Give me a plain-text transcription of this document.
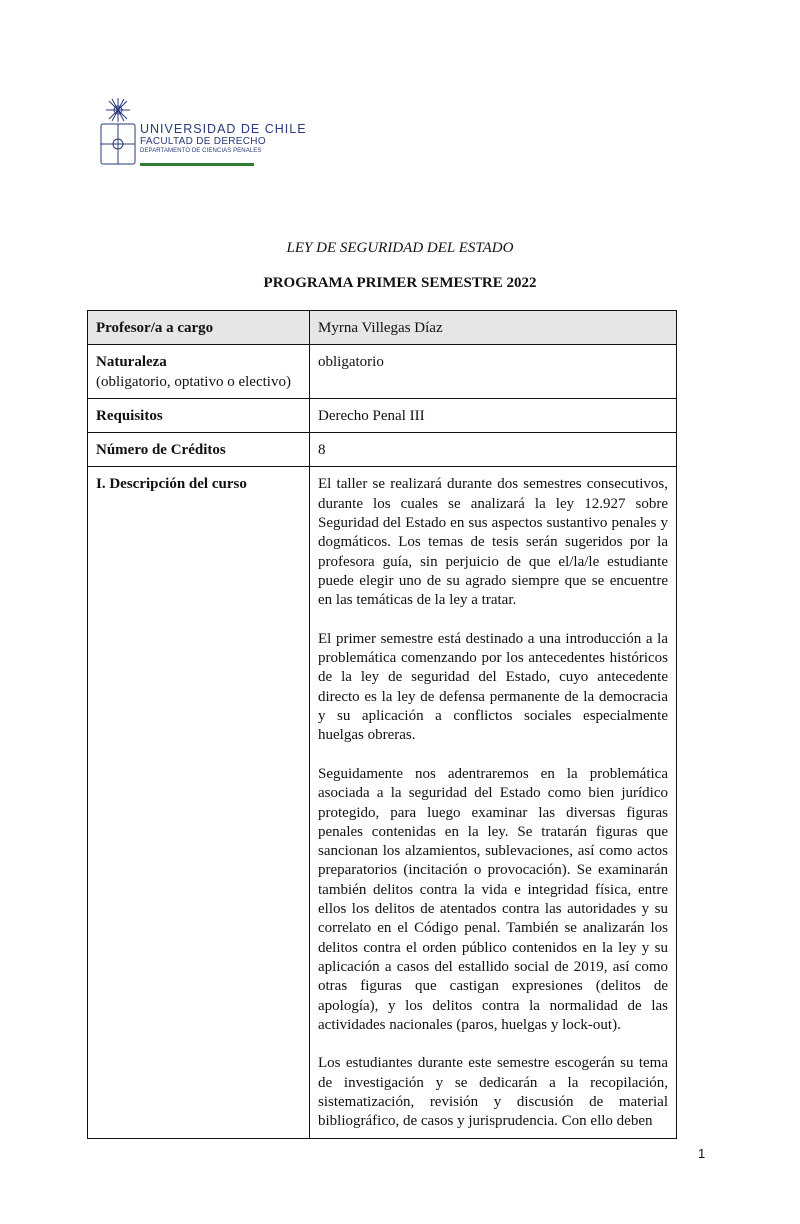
UNIVERSIDAD DE CHILE
FACULTAD DE DERECHO
DEPARTAMENTO DE CIENCIAS PENALES
LEY DE SEGURIDAD DEL ESTADO
PROGRAMA PRIMER SEMESTRE 2022
Profesor/a a cargo	Myrna Villegas Díaz
Naturaleza
(obligatorio, optativo o electivo)	obligatorio
Requisitos	Derecho Penal III
Número de Créditos	8
I. Descripción del curso	El taller se realizará durante dos semestres consecutivos, durante los cuales se analizará la ley 12.927 sobre Seguridad del Estado en sus aspectos sustantivo penales y dogmáticos. Los temas de tesis serán sugeridos por la profesora guía, sin perjuicio de que el/la/le estudiante puede elegir uno de su agrado siempre que se encuentre en las temáticas de la ley a tratar.

El primer semestre está destinado a una introducción a la problemática comenzando por los antecedentes históricos de la ley de seguridad del Estado, cuyo antecedente directo es la ley de defensa permanente de la democracia y su aplicación a conflictos sociales especialmente huelgas obreras.

Seguidamente nos adentraremos en la problemática asociada a la seguridad del Estado como bien jurídico protegido, para luego examinar las diversas figuras penales contenidas en la ley. Se tratarán figuras que sancionan los alzamientos, sublevaciones, así como actos preparatorios (incitación o provocación). Se examinarán también delitos contra la vida e integridad física, entre ellos los delitos de atentados contra las autoridades y su correlato en el Código penal. También se analizarán los delitos contra el orden público contenidos en la ley y su aplicación a casos del estallido social de 2019, así como otras figuras que castigan expresiones (delitos de apología), y los delitos contra la normalidad de las actividades nacionales (paros, huelgas y lock-out).

Los estudiantes durante este semestre escogerán su tema de investigación y se dedicarán a la recopilación, sistematización, revisión y discusión de material bibliográfico, de casos y jurisprudencia. Con ello deben

1
